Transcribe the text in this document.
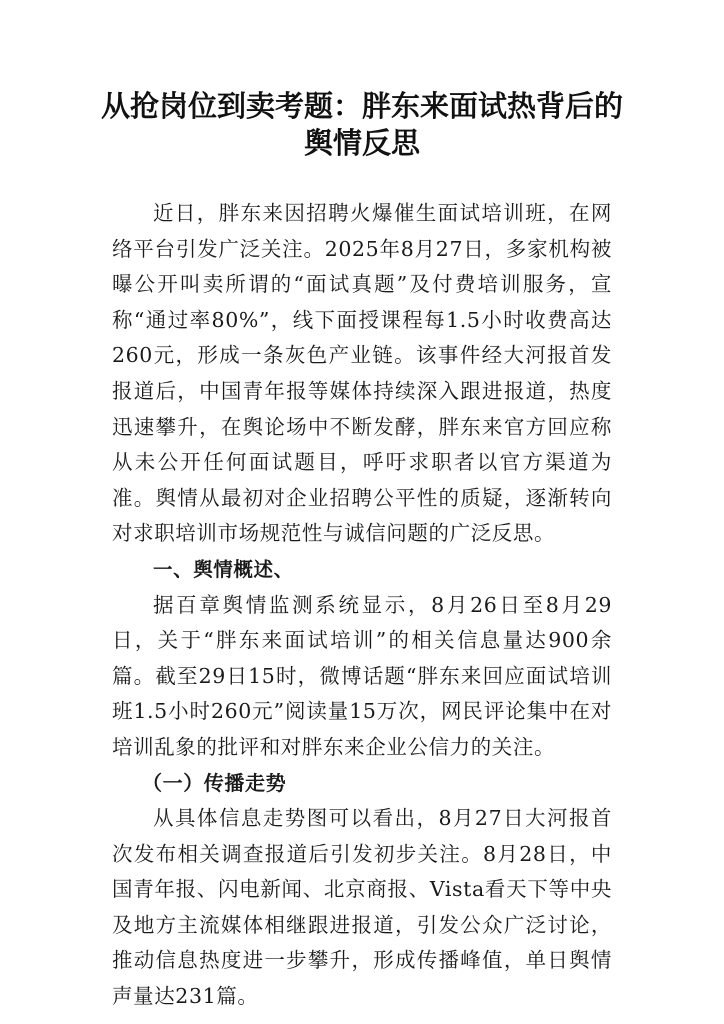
从抢岗位到卖考题：胖东来面试热背后的
舆情反思

近日，胖东来因招聘火爆催生面试培训班，在网络平台引发广泛关注。2025年8月27日，多家机构被曝公开叫卖所谓的“面试真题”及付费培训服务，宣称“通过率80%”，线下面授课程每1.5小时收费高达260元，形成一条灰色产业链。该事件经大河报首发报道后，中国青年报等媒体持续深入跟进报道，热度迅速攀升，在舆论场中不断发酵，胖东来官方回应称从未公开任何面试题目，呼吁求职者以官方渠道为准。舆情从最初对企业招聘公平性的质疑，逐渐转向对求职培训市场规范性与诚信问题的广泛反思。

一、舆情概述、

据百章舆情监测系统显示，8月26日至8月29日，关于“胖东来面试培训”的相关信息量达900余篇。截至29日15时，微博话题“胖东来回应面试培训班1.5小时260元”阅读量15万次，网民评论集中在对培训乱象的批评和对胖东来企业公信力的关注。

（一）传播走势

从具体信息走势图可以看出，8月27日大河报首次发布相关调查报道后引发初步关注。8月28日，中国青年报、闪电新闻、北京商报、Vista看天下等中央及地方主流媒体相继跟进报道，引发公众广泛讨论，推动信息热度进一步攀升，形成传播峰值，单日舆情声量达231篇。
